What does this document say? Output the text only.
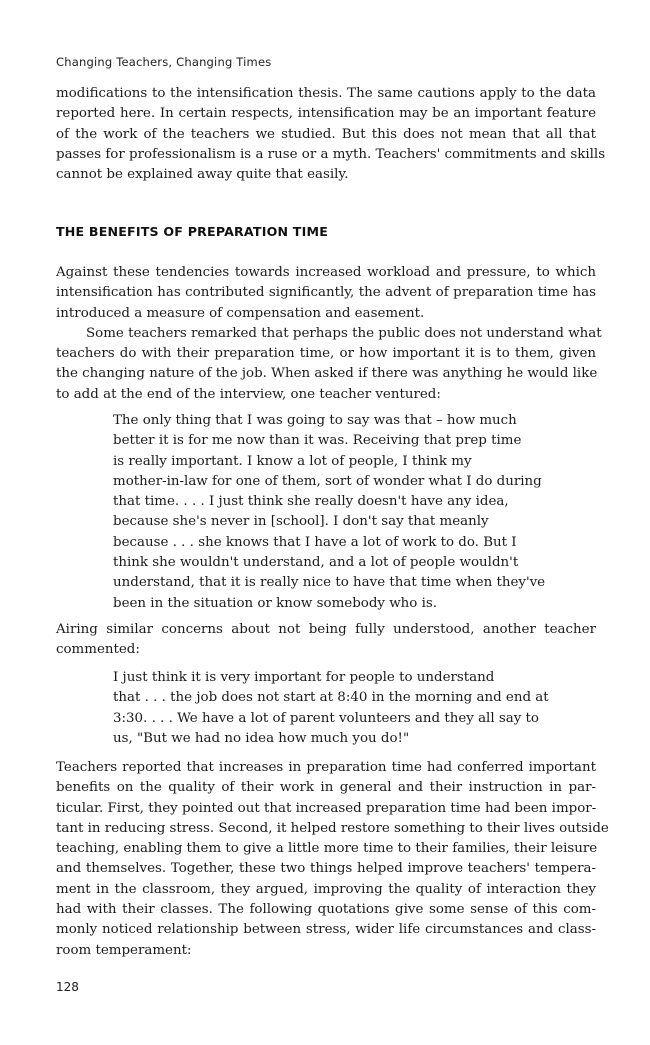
Changing Teachers, Changing Times
modifications to the intensification thesis. The same cautions apply to the data
reported here. In certain respects, intensification may be an important feature
of the work of the teachers we studied. But this does not mean that all that
passes for professionalism is a ruse or a myth. Teachers' commitments and skills
cannot be explained away quite that easily.
THE BENEFITS OF PREPARATION TIME
Against these tendencies towards increased workload and pressure, to which
intensification has contributed significantly, the advent of preparation time has
introduced a measure of compensation and easement.
Some teachers remarked that perhaps the public does not understand what
teachers do with their preparation time, or how important it is to them, given
the changing nature of the job. When asked if there was anything he would like
to add at the end of the interview, one teacher ventured:
The only thing that I was going to say was that – how much
better it is for me now than it was. Receiving that prep time
is really important. I know a lot of people, I think my
mother-in-law for one of them, sort of wonder what I do during
that time. . . . I just think she really doesn't have any idea,
because she's never in [school]. I don't say that meanly
because . . . she knows that I have a lot of work to do. But I
think she wouldn't understand, and a lot of people wouldn't
understand, that it is really nice to have that time when they've
been in the situation or know somebody who is.
Airing similar concerns about not being fully understood, another teacher
commented:
I just think it is very important for people to understand
that . . . the job does not start at 8:40 in the morning and end at
3:30. . . . We have a lot of parent volunteers and they all say to
us, "But we had no idea how much you do!"
Teachers reported that increases in preparation time had conferred important
benefits on the quality of their work in general and their instruction in par-
ticular. First, they pointed out that increased preparation time had been impor-
tant in reducing stress. Second, it helped restore something to their lives outside
teaching, enabling them to give a little more time to their families, their leisure
and themselves. Together, these two things helped improve teachers' tempera-
ment in the classroom, they argued, improving the quality of interaction they
had with their classes. The following quotations give some sense of this com-
monly noticed relationship between stress, wider life circumstances and class-
room temperament:
128
